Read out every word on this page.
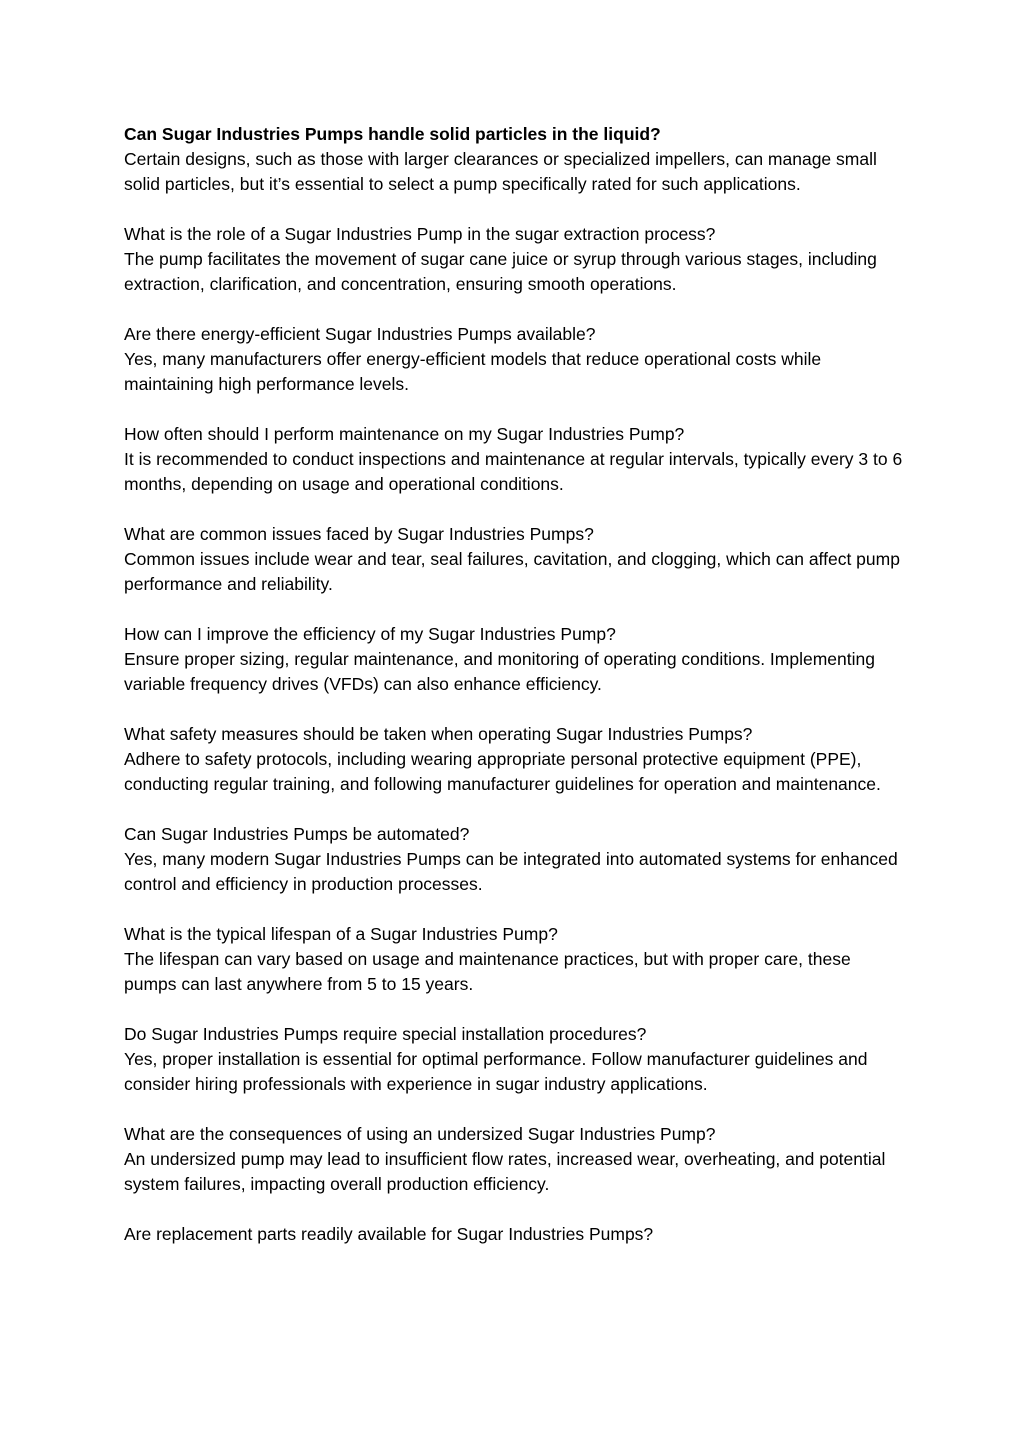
Can Sugar Industries Pumps handle solid particles in the liquid?

Certain designs, such as those with larger clearances or specialized impellers, can manage small solid particles, but it’s essential to select a pump specifically rated for such applications.

What is the role of a Sugar Industries Pump in the sugar extraction process?

The pump facilitates the movement of sugar cane juice or syrup through various stages, including extraction, clarification, and concentration, ensuring smooth operations.

Are there energy-efficient Sugar Industries Pumps available?

Yes, many manufacturers offer energy-efficient models that reduce operational costs while maintaining high performance levels.

How often should I perform maintenance on my Sugar Industries Pump?

It is recommended to conduct inspections and maintenance at regular intervals, typically every 3 to 6 months, depending on usage and operational conditions.

What are common issues faced by Sugar Industries Pumps?

Common issues include wear and tear, seal failures, cavitation, and clogging, which can affect pump performance and reliability.

How can I improve the efficiency of my Sugar Industries Pump?

Ensure proper sizing, regular maintenance, and monitoring of operating conditions. Implementing variable frequency drives (VFDs) can also enhance efficiency.

What safety measures should be taken when operating Sugar Industries Pumps?

Adhere to safety protocols, including wearing appropriate personal protective equipment (PPE), conducting regular training, and following manufacturer guidelines for operation and maintenance.

Can Sugar Industries Pumps be automated?

Yes, many modern Sugar Industries Pumps can be integrated into automated systems for enhanced control and efficiency in production processes.

What is the typical lifespan of a Sugar Industries Pump?

The lifespan can vary based on usage and maintenance practices, but with proper care, these pumps can last anywhere from 5 to 15 years.

Do Sugar Industries Pumps require special installation procedures?

Yes, proper installation is essential for optimal performance. Follow manufacturer guidelines and consider hiring professionals with experience in sugar industry applications.

What are the consequences of using an undersized Sugar Industries Pump?

An undersized pump may lead to insufficient flow rates, increased wear, overheating, and potential system failures, impacting overall production efficiency.

Are replacement parts readily available for Sugar Industries Pumps?
